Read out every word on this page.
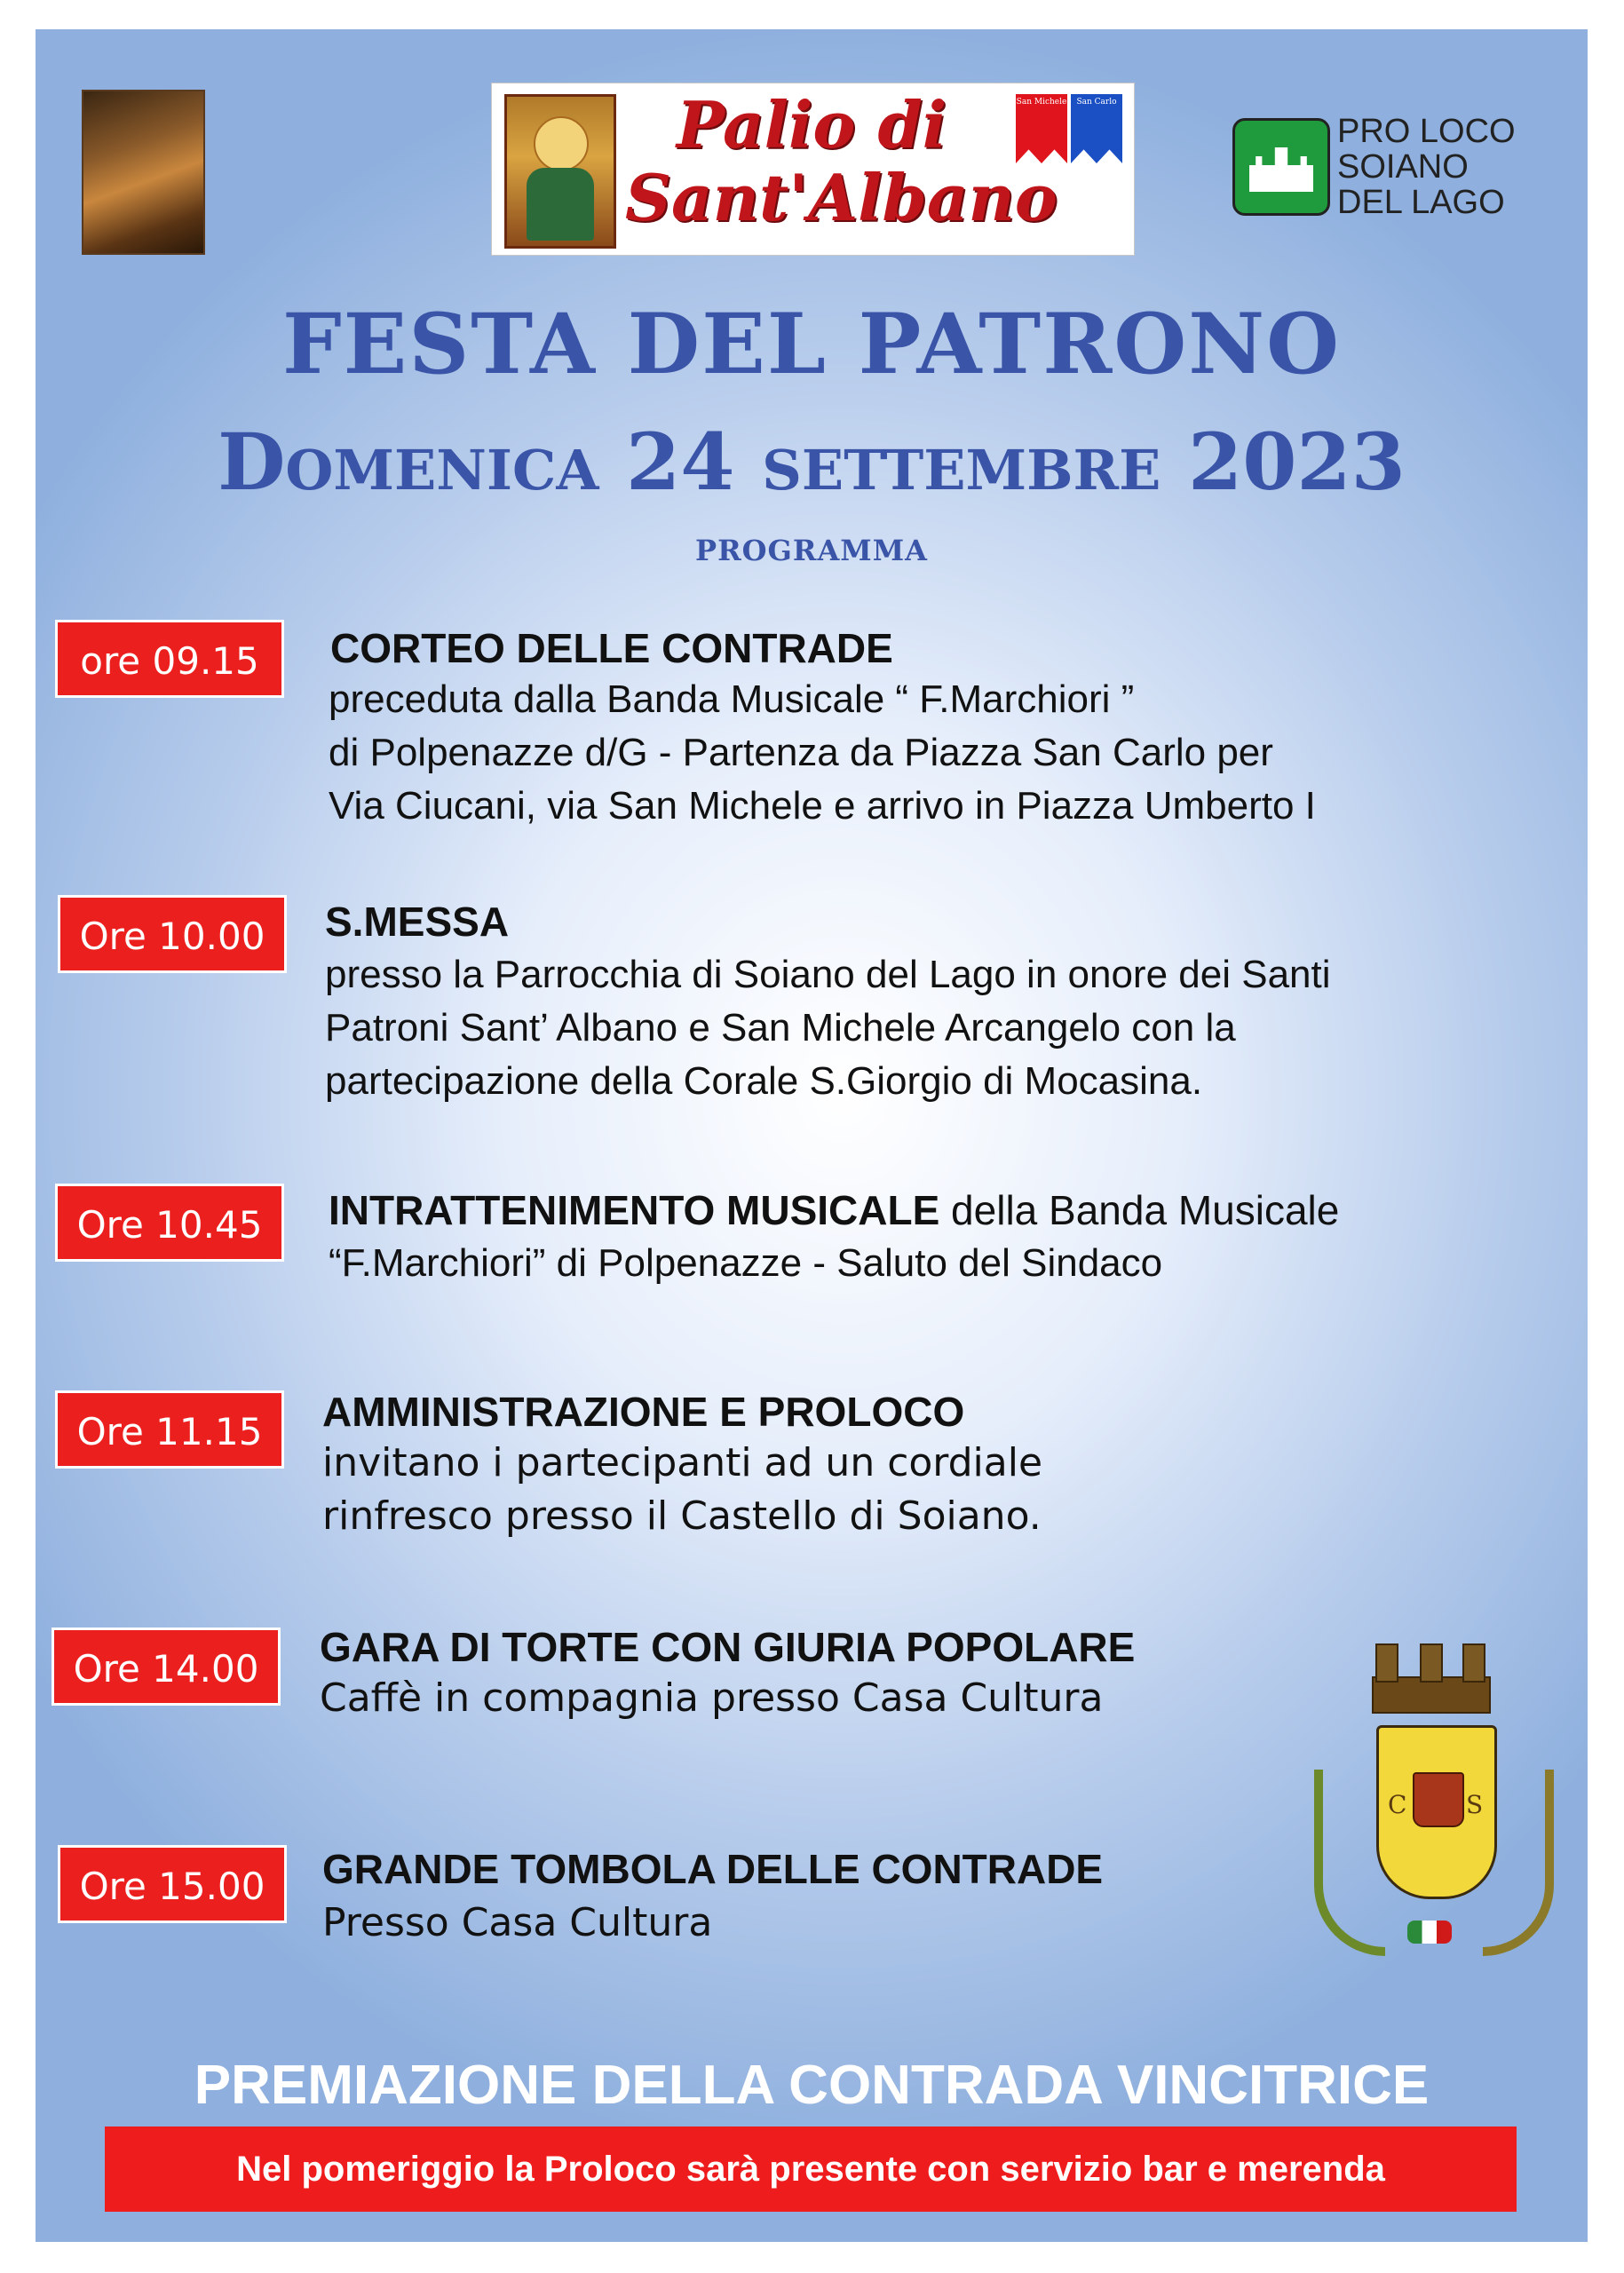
Palio di Sant'Albano
San Michele	San Carlo
PRO LOCO
SOIANO
DEL LAGO
FESTA DEL PATRONO
Domenica 24 settembre 2023
PROGRAMMA
ore 09.15	CORTEO DELLE CONTRADE
preceduta dalla Banda Musicale “ F.Marchiori ”
di Polpenazze d/G - Partenza da Piazza San Carlo per
Via Ciucani, via San Michele e arrivo in Piazza Umberto I
Ore 10.00	S.MESSA
presso la Parrocchia di Soiano del Lago in onore dei Santi
Patroni Sant’ Albano e San Michele Arcangelo con la
partecipazione della Corale S.Giorgio di Mocasina.
Ore 10.45	INTRATTENIMENTO MUSICALE della Banda Musicale
“F.Marchiori” di Polpenazze - Saluto del Sindaco
Ore 11.15	AMMINISTRAZIONE E PROLOCO
invitano i partecipanti ad un cordiale
rinfresco presso il Castello di Soiano.
Ore 14.00	GARA DI TORTE CON GIURIA POPOLARE
Caffè in compagnia presso Casa Cultura
Ore 15.00	GRANDE TOMBOLA DELLE CONTRADE
Presso Casa Cultura
C S
PREMIAZIONE DELLA CONTRADA VINCITRICE
Nel pomeriggio la Proloco sarà presente con servizio bar e merenda
